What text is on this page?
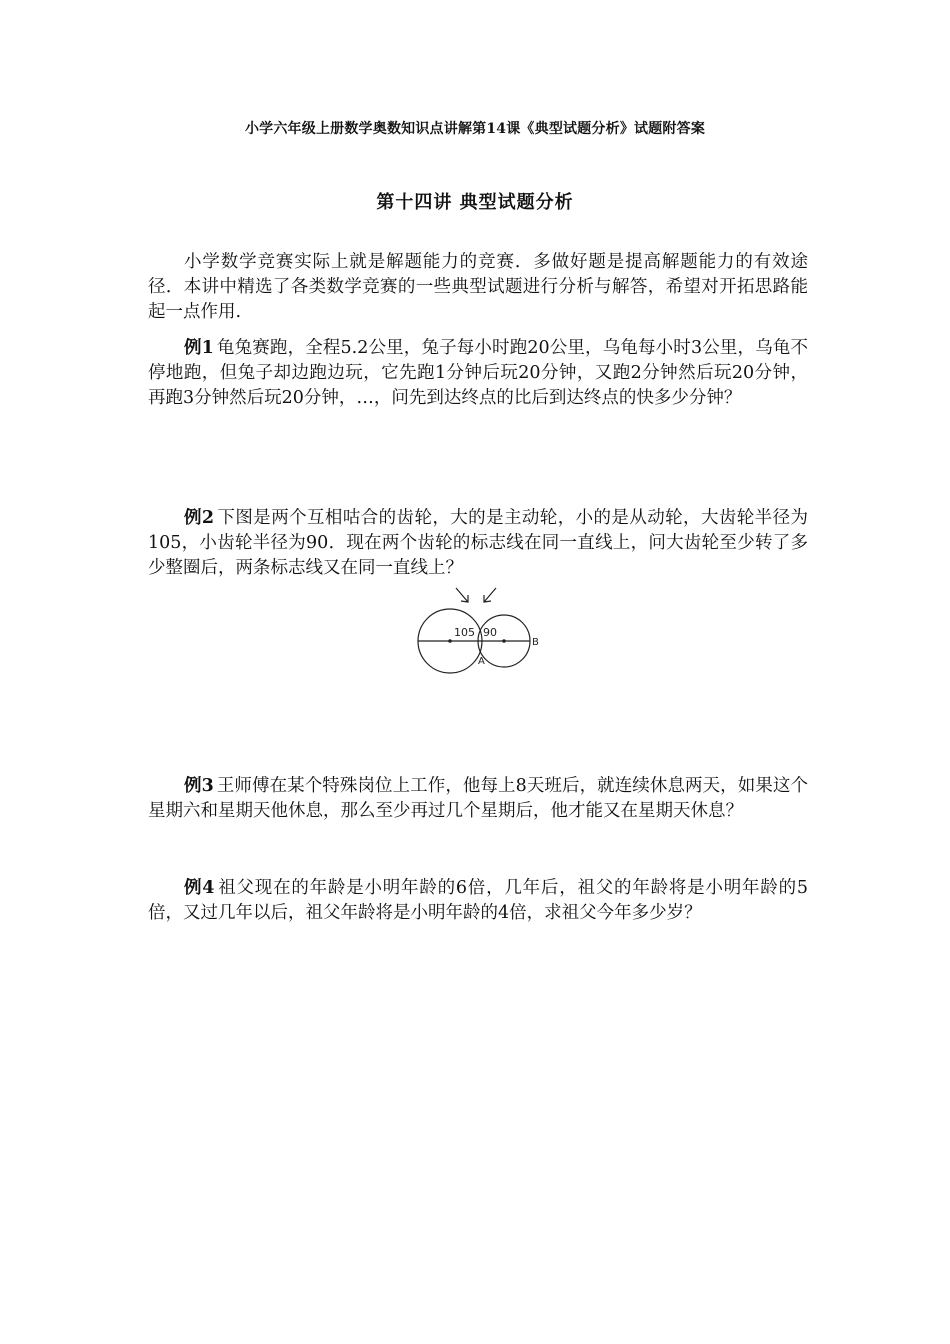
小学六年级上册数学奥数知识点讲解第14课《典型试题分析》试题附答案
第十四讲 典型试题分析

小学数学竞赛实际上就是解题能力的竞赛．多做好题是提高解题能力的有效途径．本讲中精选了各类数学竞赛的一些典型试题进行分析与解答，希望对开拓思路能起一点作用.

例1 龟兔赛跑，全程5.2公里，兔子每小时跑20公里，乌龟每小时3公里，乌龟不停地跑，但兔子却边跑边玩，它先跑1分钟后玩20分钟，又跑2分钟然后玩20分钟，再跑3分钟然后玩20分钟，…，问先到达终点的比后到达终点的快多少分钟？

例2 下图是两个互相咕合的齿轮，大的是主动轮，小的是从动轮，大齿轮半径为105，小齿轮半径为90．现在两个齿轮的标志线在同一直线上，问大齿轮至少转了多少整圈后，两条标志线又在同一直线上？

105 90
A
B

例3 王师傅在某个特殊岗位上工作，他每上8天班后，就连续休息两天，如果这个星期六和星期天他休息，那么至少再过几个星期后，他才能又在星期天休息？

例4 祖父现在的年龄是小明年龄的6倍，几年后，祖父的年龄将是小明年龄的5倍，又过几年以后，祖父年龄将是小明年龄的4倍，求祖父今年多少岁？
